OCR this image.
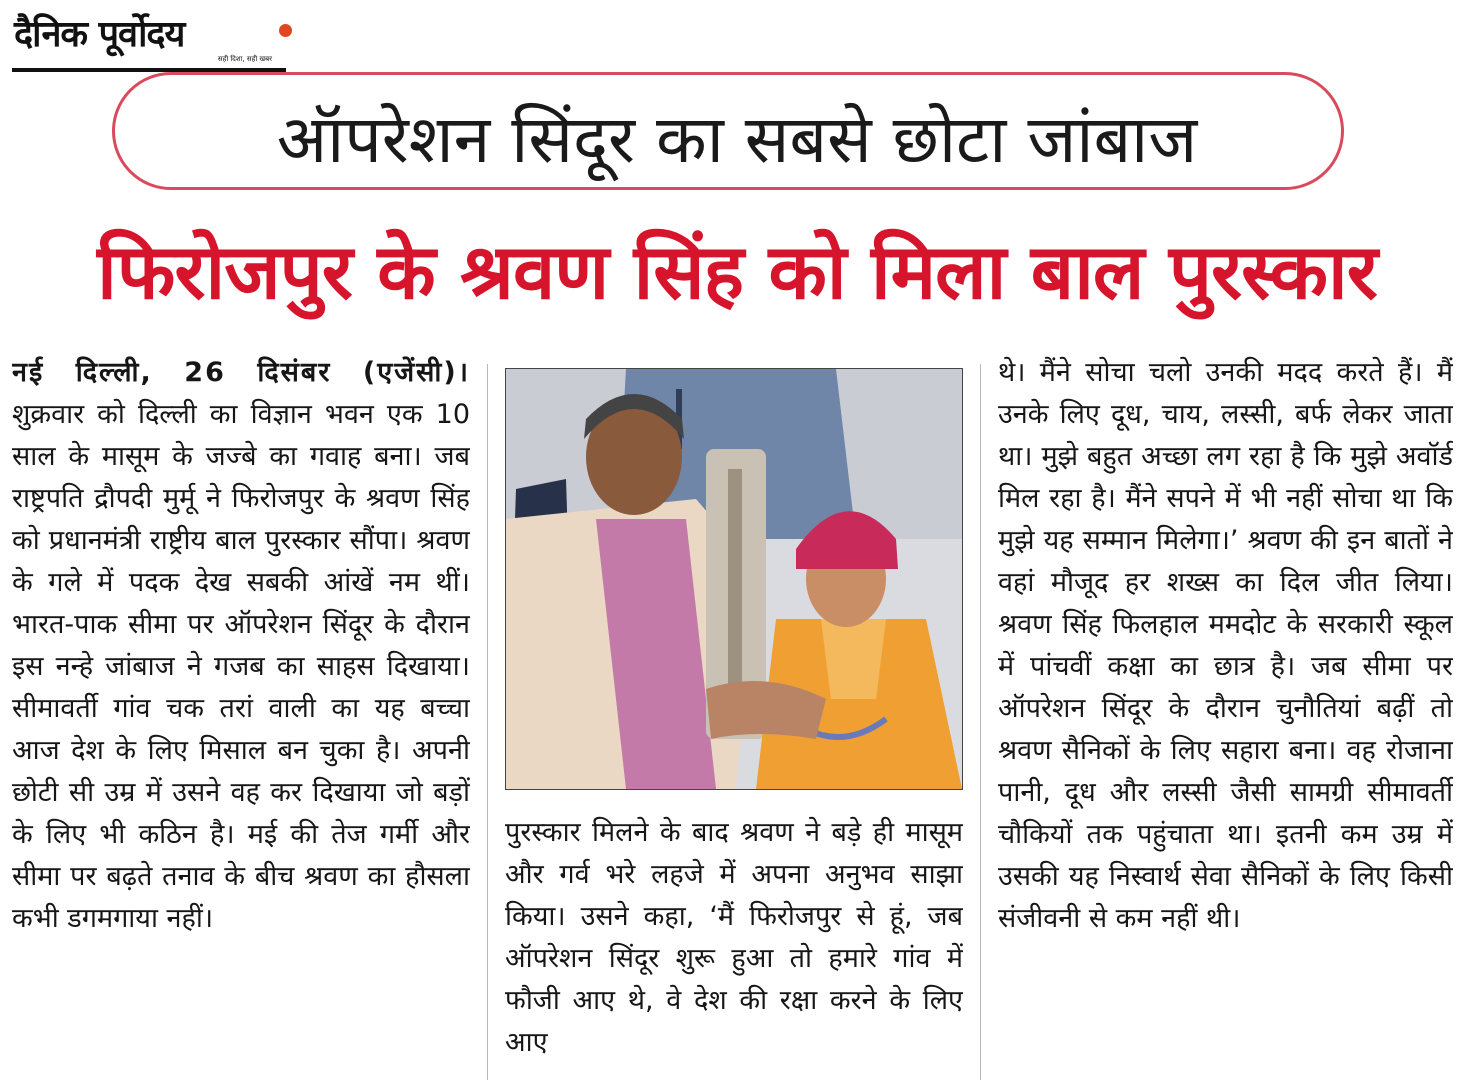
दैनिक पूर्वोदय
सही दिशा, सही खबर
ऑपरेशन सिंदूर का सबसे छोटा जांबाज
फिरोजपुर के श्रवण सिंह को मिला बाल पुरस्कार

नई दिल्ली, 26 दिसंबर (एजेंसी)। शुक्रवार को दिल्ली का विज्ञान भवन एक 10 साल के मासूम के जज्बे का गवाह बना। जब राष्ट्रपति द्रौपदी मुर्मू ने फिरोजपुर के श्रवण सिंह को प्रधानमंत्री राष्ट्रीय बाल पुरस्कार सौंपा। श्रवण के गले में पदक देख सबकी आंखें नम थीं। भारत-पाक सीमा पर ऑपरेशन सिंदूर के दौरान इस नन्हे जांबाज ने गजब का साहस दिखाया। सीमावर्ती गांव चक तरां वाली का यह बच्चा आज देश के लिए मिसाल बन चुका है। अपनी छोटी सी उम्र में उसने वह कर दिखाया जो बड़ों के लिए भी कठिन है। मई की तेज गर्मी और सीमा पर बढ़ते तनाव के बीच श्रवण का हौसला कभी डगमगाया नहीं।

पुरस्कार मिलने के बाद श्रवण ने बड़े ही मासूम और गर्व भरे लहजे में अपना अनुभव साझा किया। उसने कहा, ‘मैं फिरोजपुर से हूं, जब ऑपरेशन सिंदूर शुरू हुआ तो हमारे गांव में फौजी आए थे, वे देश की रक्षा करने के लिए आए

थे। मैंने सोचा चलो उनकी मदद करते हैं। मैं उनके लिए दूध, चाय, लस्सी, बर्फ लेकर जाता था। मुझे बहुत अच्छा लग रहा है कि मुझे अवॉर्ड मिल रहा है। मैंने सपने में भी नहीं सोचा था कि मुझे यह सम्मान मिलेगा।’ श्रवण की इन बातों ने वहां मौजूद हर शख्स का दिल जीत लिया। श्रवण सिंह फिलहाल ममदोट के सरकारी स्कूल में पांचवीं कक्षा का छात्र है। जब सीमा पर ऑपरेशन सिंदूर के दौरान चुनौतियां बढ़ीं तो श्रवण सैनिकों के लिए सहारा बना। वह रोजाना पानी, दूध और लस्सी जैसी सामग्री सीमावर्ती चौकियों तक पहुंचाता था। इतनी कम उम्र में उसकी यह निस्वार्थ सेवा सैनिकों के लिए किसी संजीवनी से कम नहीं थी।
